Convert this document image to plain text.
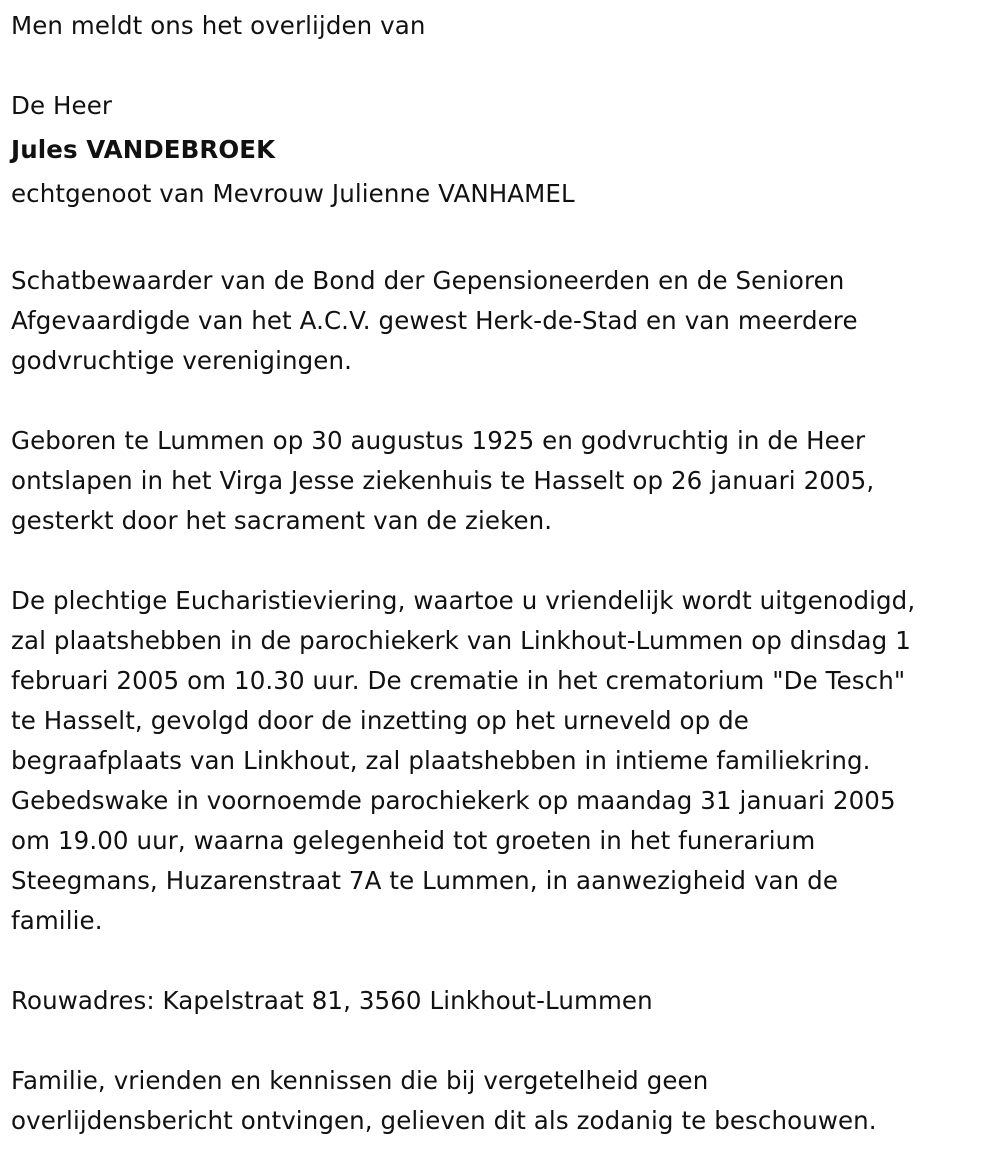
Men meldt ons het overlijden van
De Heer
Jules VANDEBROEK
echtgenoot van Mevrouw Julienne VANHAMEL
Schatbewaarder van de Bond der Gepensioneerden en de Senioren
Afgevaardigde van het A.C.V. gewest Herk-de-Stad en van meerdere
godvruchtige verenigingen.
Geboren te Lummen op 30 augustus 1925 en godvruchtig in de Heer
ontslapen in het Virga Jesse ziekenhuis te Hasselt op 26 januari 2005,
gesterkt door het sacrament van de zieken.
De plechtige Eucharistieviering, waartoe u vriendelijk wordt uitgenodigd,
zal plaatshebben in de parochiekerk van Linkhout-Lummen op dinsdag 1
februari 2005 om 10.30 uur. De crematie in het crematorium "De Tesch"
te Hasselt, gevolgd door de inzetting op het urneveld op de
begraafplaats van Linkhout, zal plaatshebben in intieme familiekring.
Gebedswake in voornoemde parochiekerk op maandag 31 januari 2005
om 19.00 uur, waarna gelegenheid tot groeten in het funerarium
Steegmans, Huzarenstraat 7A te Lummen, in aanwezigheid van de
familie.
Rouwadres: Kapelstraat 81, 3560 Linkhout-Lummen
Familie, vrienden en kennissen die bij vergetelheid geen
overlijdensbericht ontvingen, gelieven dit als zodanig te beschouwen.
